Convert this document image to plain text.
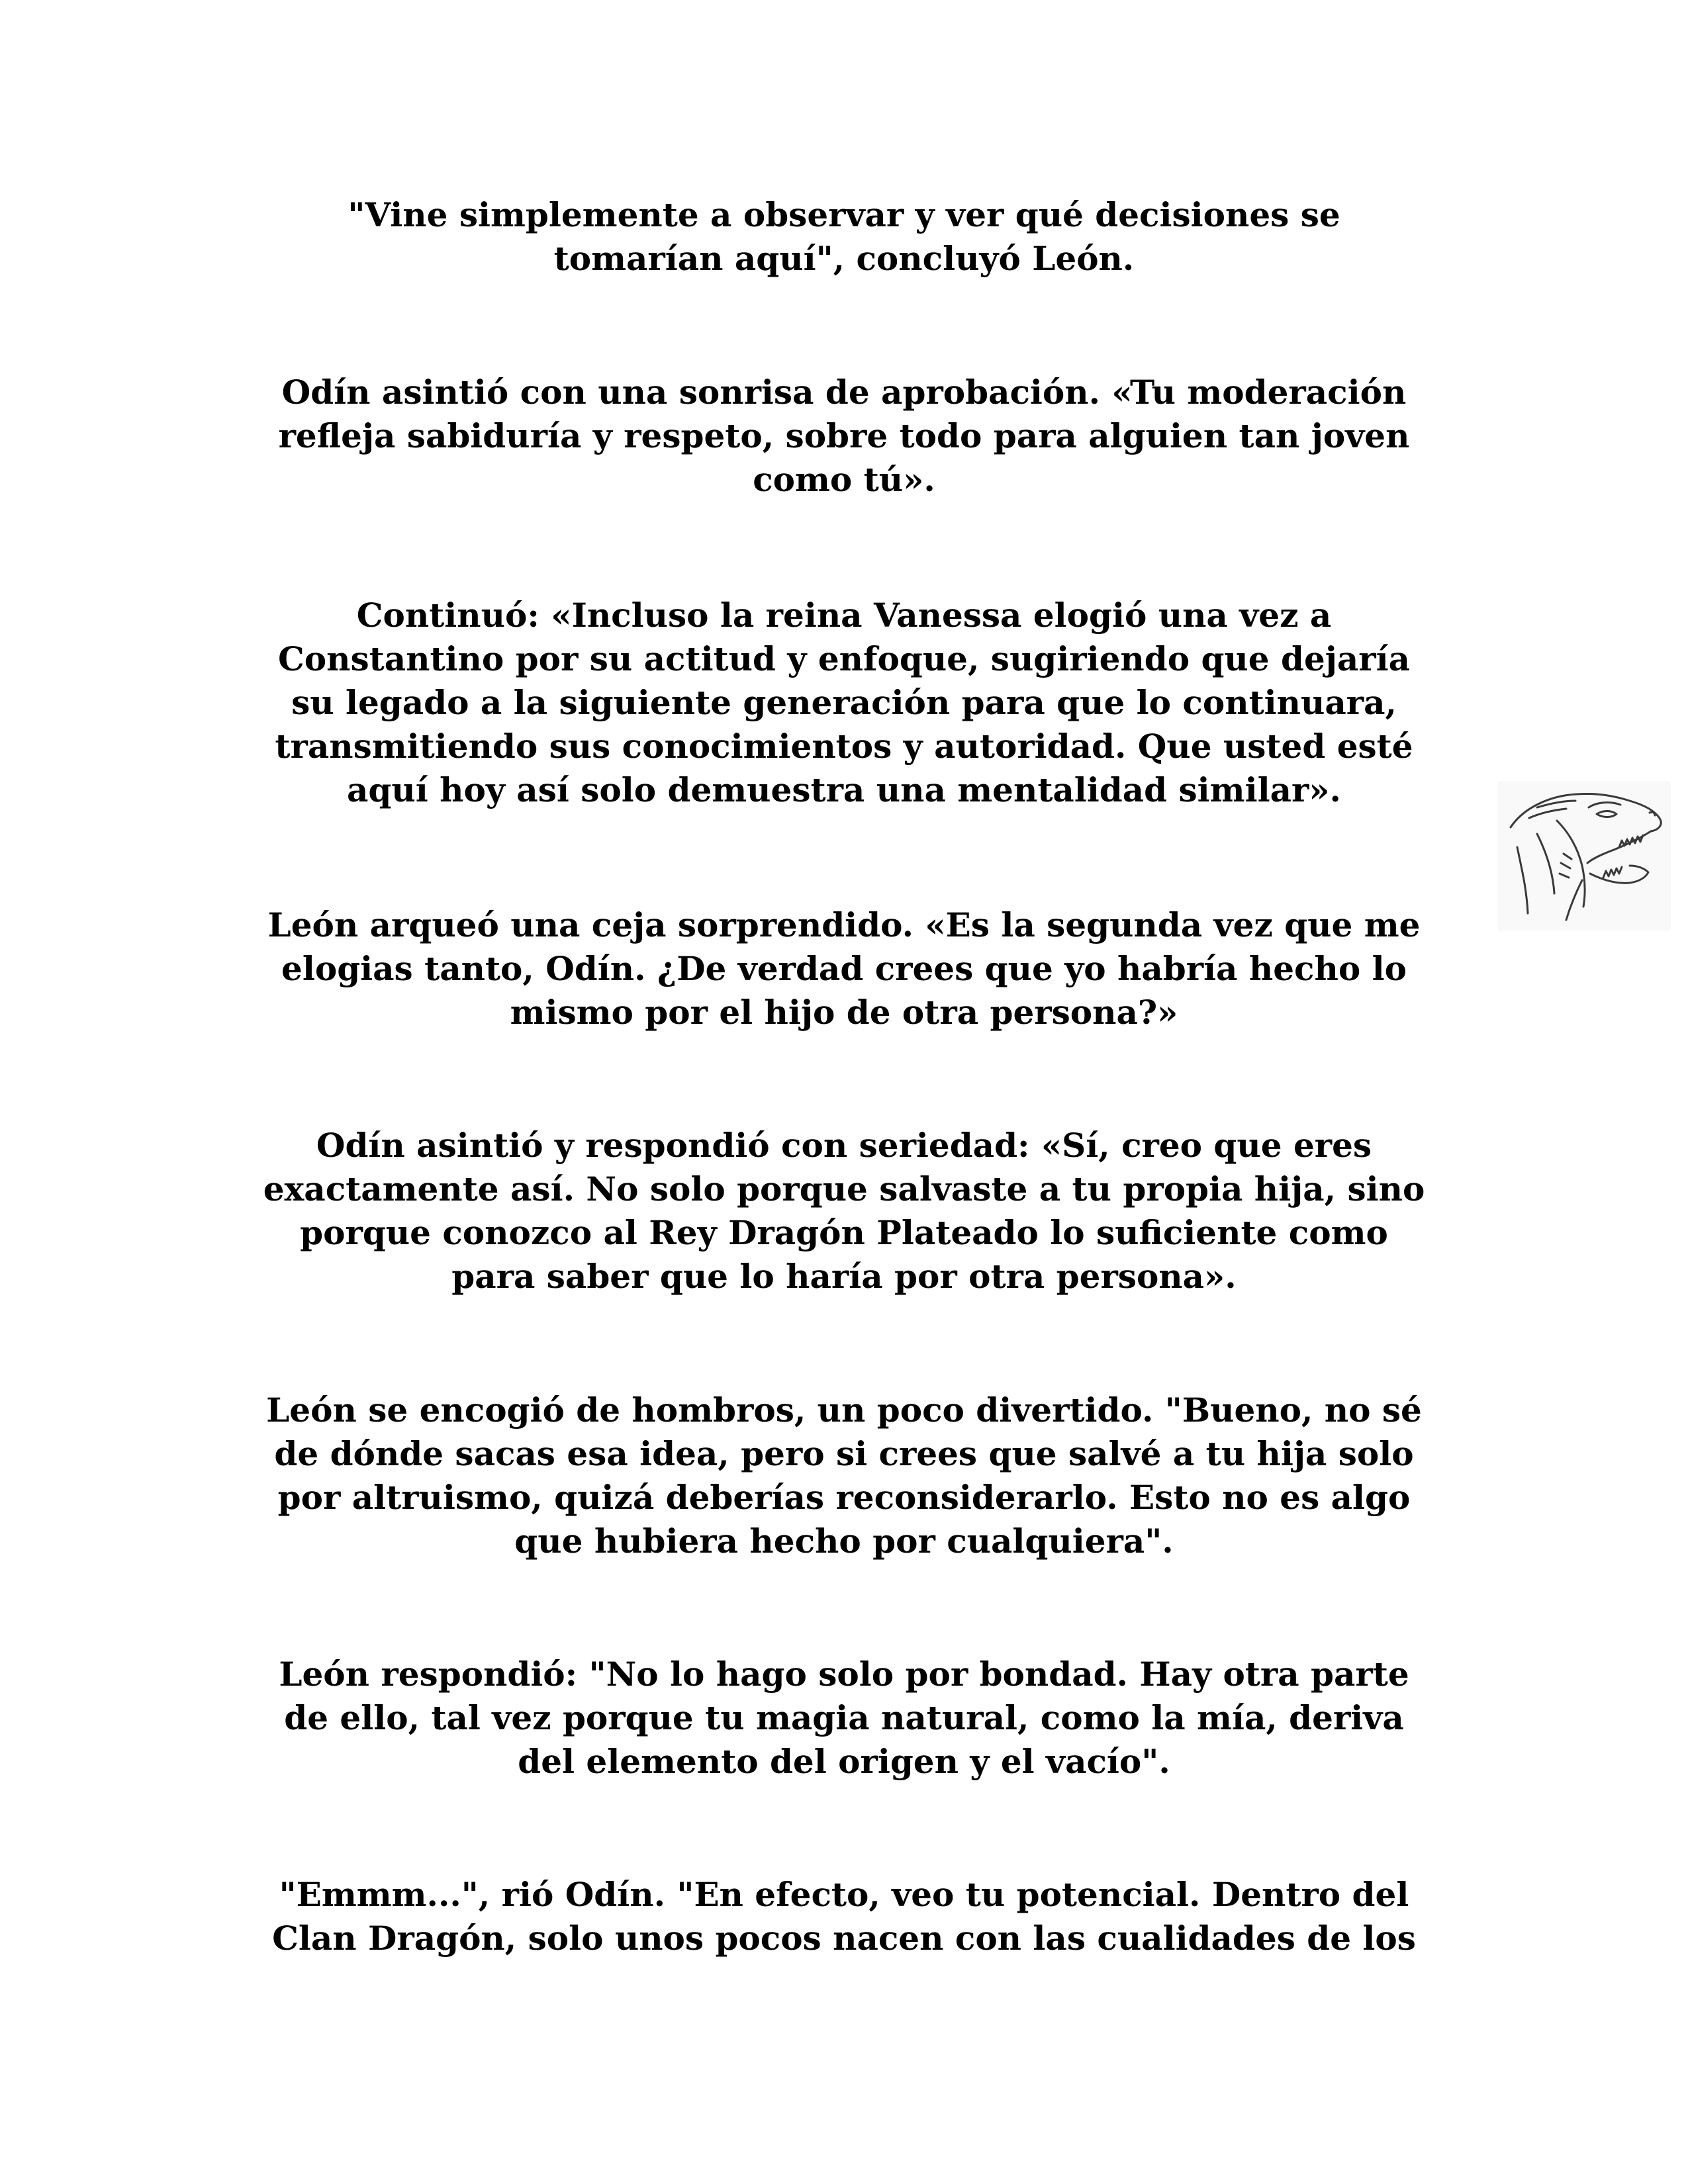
"Vine simplemente a observar y ver qué decisiones se
tomarían aquí", concluyó León.

Odín asintió con una sonrisa de aprobación. «Tu moderación
refleja sabiduría y respeto, sobre todo para alguien tan joven
como tú».

Continuó: «Incluso la reina Vanessa elogió una vez a
Constantino por su actitud y enfoque, sugiriendo que dejaría
su legado a la siguiente generación para que lo continuara,
transmitiendo sus conocimientos y autoridad. Que usted esté
aquí hoy así solo demuestra una mentalidad similar».

León arqueó una ceja sorprendido. «Es la segunda vez que me
elogias tanto, Odín. ¿De verdad crees que yo habría hecho lo
mismo por el hijo de otra persona?»

Odín asintió y respondió con seriedad: «Sí, creo que eres
exactamente así. No solo porque salvaste a tu propia hija, sino
porque conozco al Rey Dragón Plateado lo suficiente como
para saber que lo haría por otra persona».

León se encogió de hombros, un poco divertido. "Bueno, no sé
de dónde sacas esa idea, pero si crees que salvé a tu hija solo
por altruismo, quizá deberías reconsiderarlo. Esto no es algo
que hubiera hecho por cualquiera".

León respondió: "No lo hago solo por bondad. Hay otra parte
de ello, tal vez porque tu magia natural, como la mía, deriva
del elemento del origen y el vacío".

"Emmm...", rió Odín. "En efecto, veo tu potencial. Dentro del
Clan Dragón, solo unos pocos nacen con las cualidades de los
